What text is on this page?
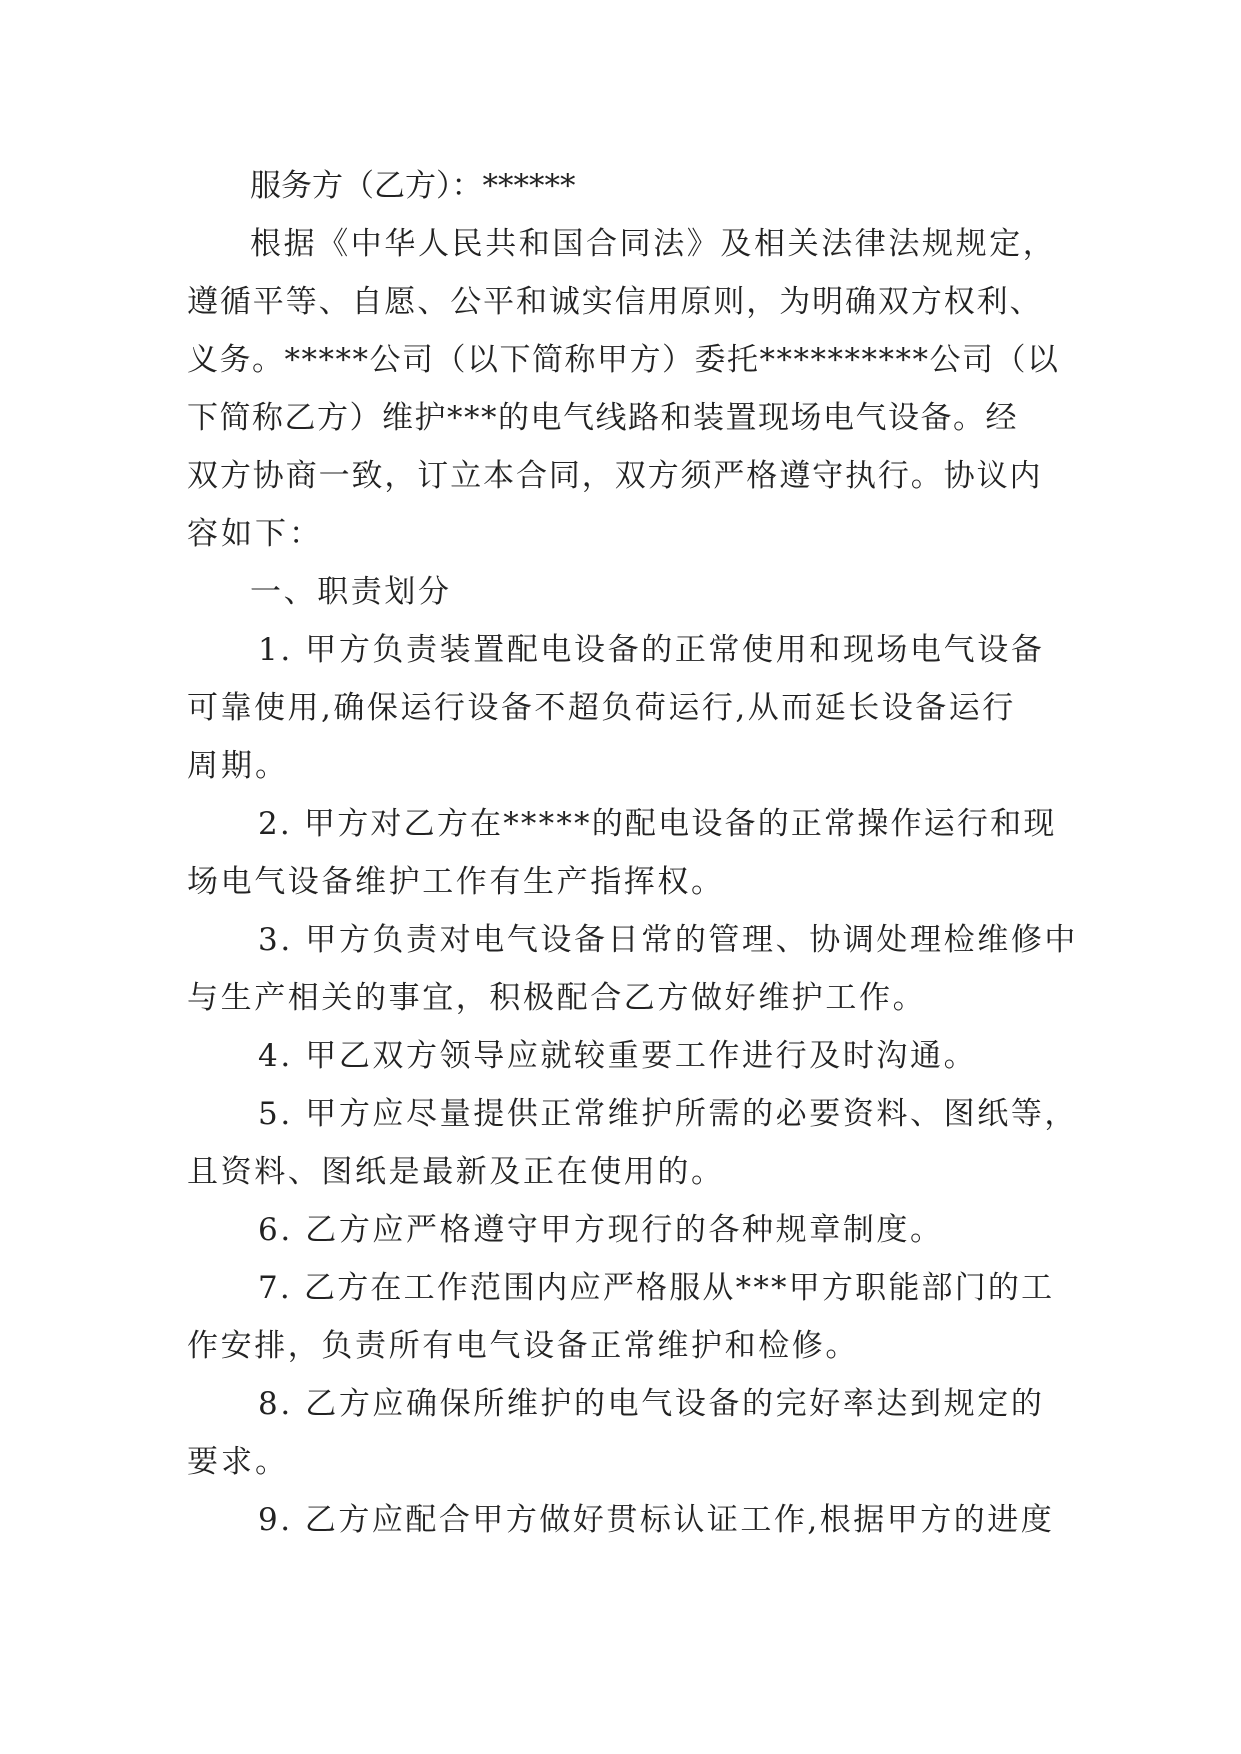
服务方（乙方）：******
根据《中华人民共和国合同法》及相关法律法规规定，
遵循平等、自愿、公平和诚实信用原则，为明确双方权利、
义务。*****公司（以下简称甲方）委托**********公司（以
下简称乙方）维护***的电气线路和装置现场电气设备。经
双方协商一致，订立本合同，双方须严格遵守执行。协议内
容如下：
一、职责划分
1. 甲方负责装置配电设备的正常使用和现场电气设备
可靠使用,确保运行设备不超负荷运行,从而延长设备运行
周期。
2. 甲方对乙方在*****的配电设备的正常操作运行和现
场电气设备维护工作有生产指挥权。
3. 甲方负责对电气设备日常的管理、协调处理检维修中
与生产相关的事宜，积极配合乙方做好维护工作。
4. 甲乙双方领导应就较重要工作进行及时沟通。
5. 甲方应尽量提供正常维护所需的必要资料、图纸等，
且资料、图纸是最新及正在使用的。
6. 乙方应严格遵守甲方现行的各种规章制度。
7. 乙方在工作范围内应严格服从***甲方职能部门的工
作安排，负责所有电气设备正常维护和检修。
8. 乙方应确保所维护的电气设备的完好率达到规定的
要求。
9. 乙方应配合甲方做好贯标认证工作,根据甲方的进度
